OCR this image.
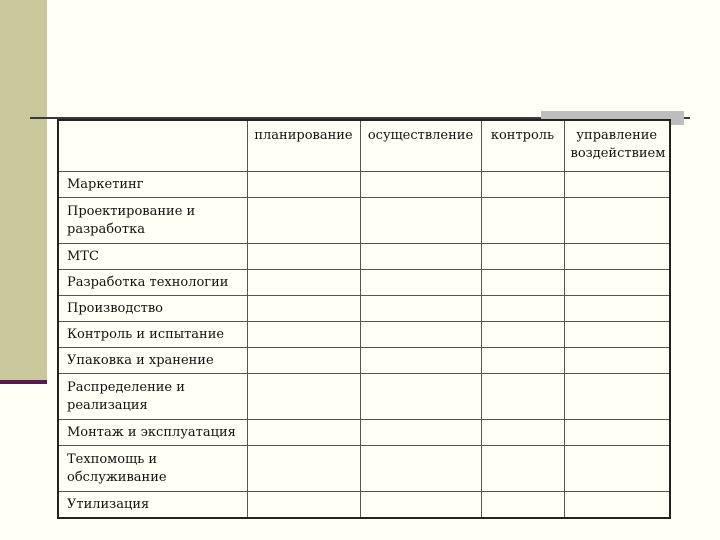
	планирование	осуществление	контроль	управление воздействием
Маркетинг				
Проектирование и разработка				
МТС				
Разработка технологии				
Производство				
Контроль и испытание				
Упаковка и хранение				
Распределение и реализация				
Монтаж и эксплуатация				
Техпомощь и обслуживание				
Утилизация				
